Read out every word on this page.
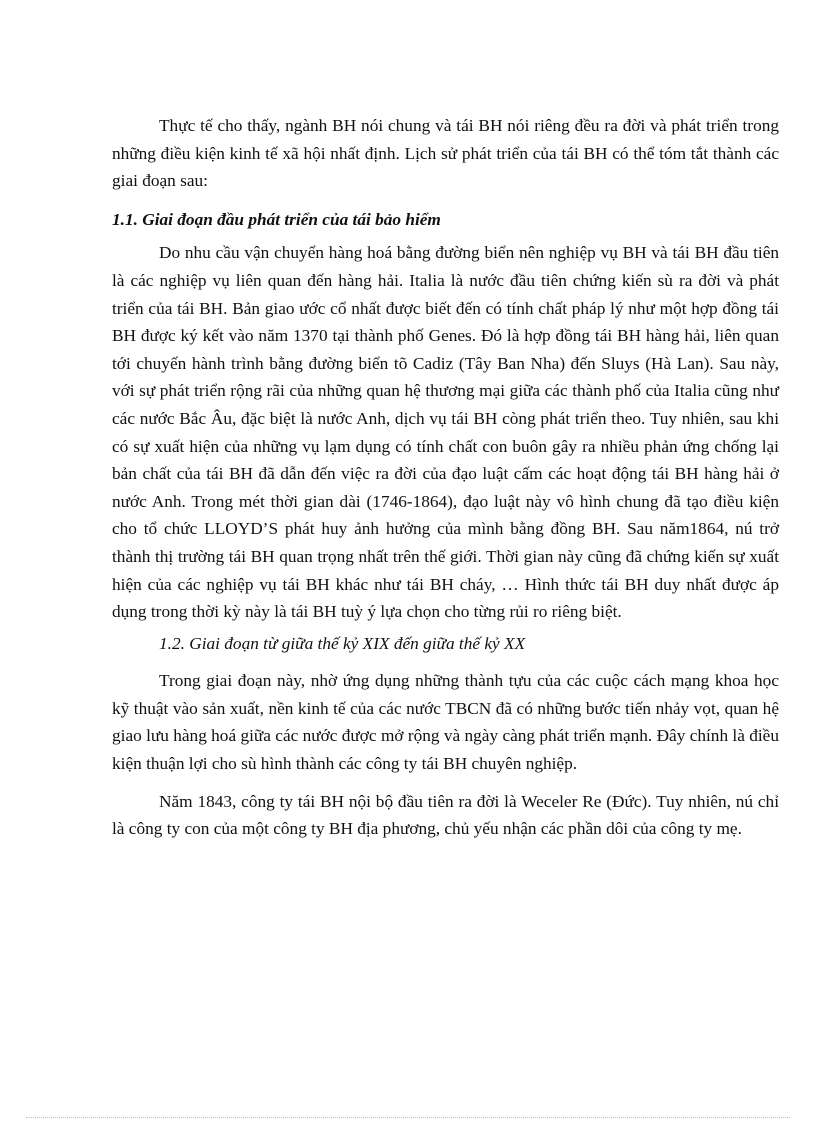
Thực tế cho thấy, ngành BH nói chung và tái BH nói riêng đều ra đời và phát triển trong những điều kiện kinh tế xã hội nhất định. Lịch sử phát triển của tái BH có thể tóm tắt thành các giai đoạn sau:

1.1. Giai đoạn đầu phát triển của tái bảo hiểm

Do nhu cầu vận chuyển hàng hoá bằng đường biển nên nghiệp vụ BH và tái BH đầu tiên là các nghiệp vụ liên quan đến hàng hải. Italia là nước đầu tiên chứng kiến sù ra đời và phát triển của tái BH. Bản giao ước cổ nhất được biết đến có tính chất pháp lý như một hợp đồng tái BH được ký kết vào năm 1370 tại thành phố Genes. Đó là hợp đồng tái BH hàng hải, liên quan tới chuyến hành trình bằng đường biển tõ Cadiz (Tây Ban Nha) đến Sluys (Hà Lan). Sau này, với sự phát triển rộng rãi của những quan hệ thương mại giữa các thành phố của Italia cũng như các nước Bắc Âu, đặc biệt là nước Anh, dịch vụ tái BH còng phát triển theo. Tuy nhiên, sau khi có sự xuất hiện của những vụ lạm dụng có tính chất con buôn gây ra nhiều phản ứng chống lại bản chất của tái BH đã dẫn đến việc ra đời của đạo luật cấm các hoạt động tái BH hàng hải ở nước Anh. Trong mét thời gian dài (1746-1864), đạo luật này vô hình chung đã tạo điều kiện cho tổ chức LLOYD’S phát huy ảnh hưởng của mình bằng đồng BH. Sau năm1864, nú trở thành thị trường tái BH quan trọng nhất trên thế giới. Thời gian này cũng đã chứng kiến sự xuất hiện của các nghiệp vụ tái BH khác như tái BH cháy, … Hình thức tái BH duy nhất được áp dụng trong thời kỳ này là tái BH tuỳ ý lựa chọn cho từng rủi ro riêng biệt.

1.2. Giai đoạn từ giữa thế kỷ XIX đến giữa thế kỷ XX

Trong giai đoạn này, nhờ ứng dụng những thành tựu của các cuộc cách mạng khoa học kỹ thuật vào sản xuất, nền kinh tế của các nước TBCN đã có những bước tiến nhảy vọt, quan hệ giao lưu hàng hoá giữa các nước được mở rộng và ngày càng phát triển mạnh. Đây chính là điều kiện thuận lợi cho sù hình thành các công ty tái BH chuyên nghiệp.

Năm 1843, công ty tái BH nội bộ đầu tiên ra đời là Weceler Re (Đức). Tuy nhiên, nú chỉ là công ty con của một công ty BH địa phương, chủ yếu nhận các phần dôi của công ty mẹ.
